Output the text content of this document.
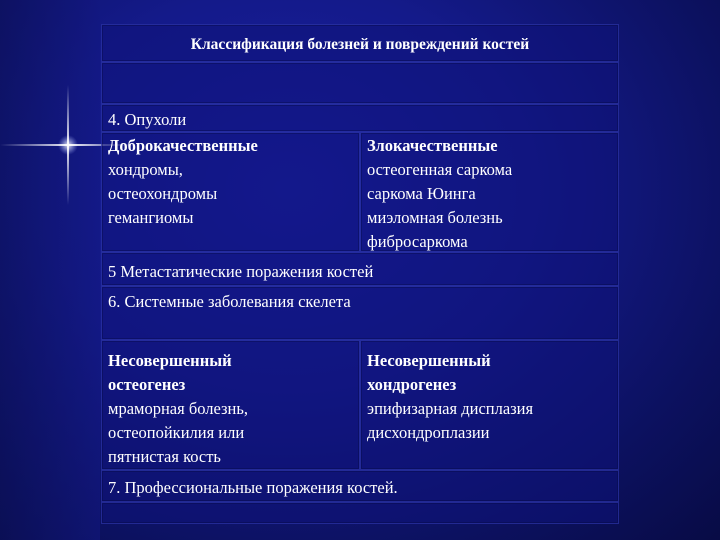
Классификация болезней и повреждений костей
4. Опухоли
Доброкачественные
хондромы,
остеохондромы
гемангиомы
Злокачественные
остеогенная саркома
саркома Юинга
миэломная болезнь
фибросаркома
5 Метастатические поражения костей
6. Системные заболевания скелета
Несовершенный
остеогенез
мраморная болезнь,
остеопойкилия или
пятнистая кость
Несовершенный
хондрогенез
эпифизарная дисплазия
дисхондроплазии
7. Профессиональные поражения костей.
